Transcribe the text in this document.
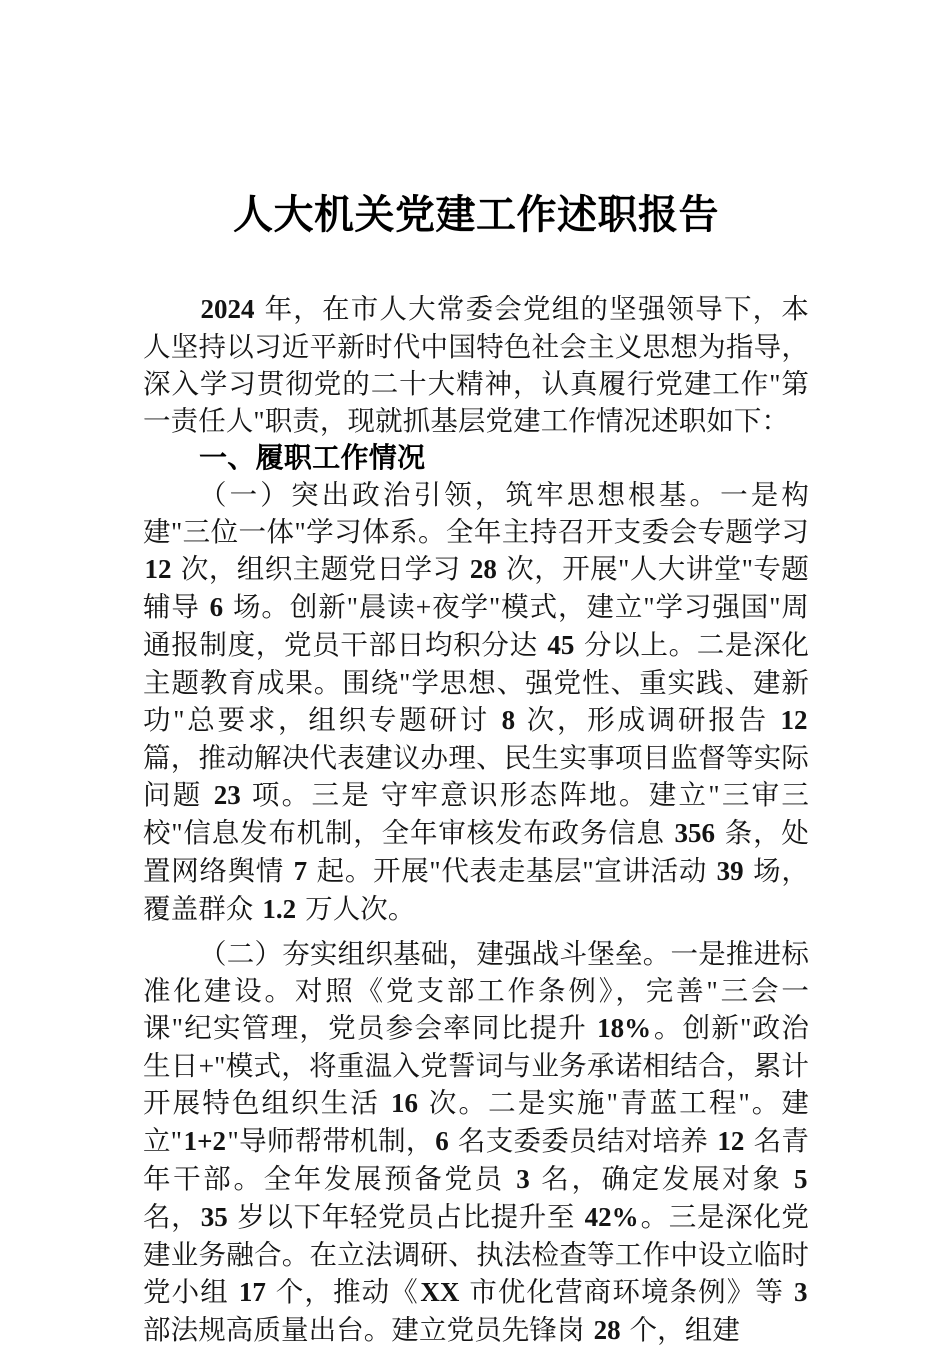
人大机关党建工作述职报告

2024 年，在市人大常委会党组的坚强领导下，本人坚持以习近平新时代中国特色社会主义思想为指导，深入学习贯彻党的二十大精神，认真履行党建工作"第一责任人"职责，现就抓基层党建工作情况述职如下：

一、履职工作情况

（一）突出政治引领，筑牢思想根基。一是构建"三位一体"学习体系。全年主持召开支委会专题学习 12 次，组织主题党日学习 28 次，开展"人大讲堂"专题辅导 6 场。创新"晨读+夜学"模式，建立"学习强国"周通报制度，党员干部日均积分达 45 分以上。二是深化主题教育成果。围绕"学思想、强党性、重实践、建新功"总要求，组织专题研讨 8 次，形成调研报告 12 篇，推动解决代表建议办理、民生实事项目监督等实际问题 23 项。三是 守牢意识形态阵地。建立"三审三校"信息发布机制，全年审核发布政务信息 356 条，处置网络舆情 7 起。开展"代表走基层"宣讲活动 39 场，覆盖群众 1.2 万人次。

（二）夯实组织基础，建强战斗堡垒。一是推进标准化建设。对照《党支部工作条例》，完善"三会一课"纪实管理，党员参会率同比提升 18%。创新"政治生日+"模式，将重温入党誓词与业务承诺相结合，累计开展特色组织生活 16 次。二是实施"青蓝工程"。建立"1+2"导师帮带机制，6 名支委委员结对培养 12 名青年干部。全年发展预备党员 3 名，确定发展对象 5 名，35 岁以下年轻党员占比提升至 42%。三是深化党建业务融合。在立法调研、执法检查等工作中设立临时党小组 17 个，推动《XX 市优化营商环境条例》等 3 部法规高质量出台。建立党员先锋岗 28 个，组建
